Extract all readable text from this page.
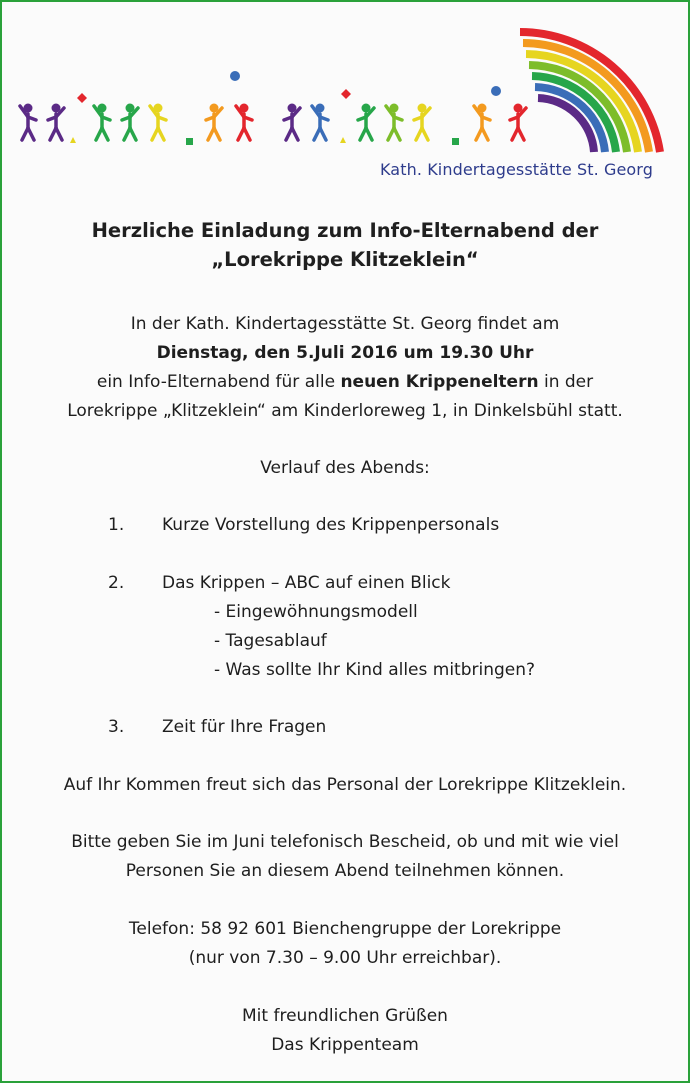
Kath. Kindertagesstätte St. Georg
Herzliche Einladung zum Info-Elternabend der
„Lorekrippe Klitzeklein“
In der Kath. Kindertagesstätte St. Georg findet am
Dienstag, den 5.Juli 2016 um 19.30 Uhr
ein Info-Elternabend für alle neuen Krippeneltern in der
Lorekrippe „Klitzeklein“ am Kinderloreweg 1, in Dinkelsbühl statt.
Verlauf des Abends:
1. Kurze Vorstellung des Krippenpersonals
2. Das Krippen – ABC auf einen Blick
- Eingewöhnungsmodell
- Tagesablauf
- Was sollte Ihr Kind alles mitbringen?
3. Zeit für Ihre Fragen
Auf Ihr Kommen freut sich das Personal der Lorekrippe Klitzeklein.
Bitte geben Sie im Juni telefonisch Bescheid, ob und mit wie viel
Personen Sie an diesem Abend teilnehmen können.
Telefon: 58 92 601 Bienchengruppe der Lorekrippe
(nur von 7.30 – 9.00 Uhr erreichbar).
Mit freundlichen Grüßen
Das Krippenteam
